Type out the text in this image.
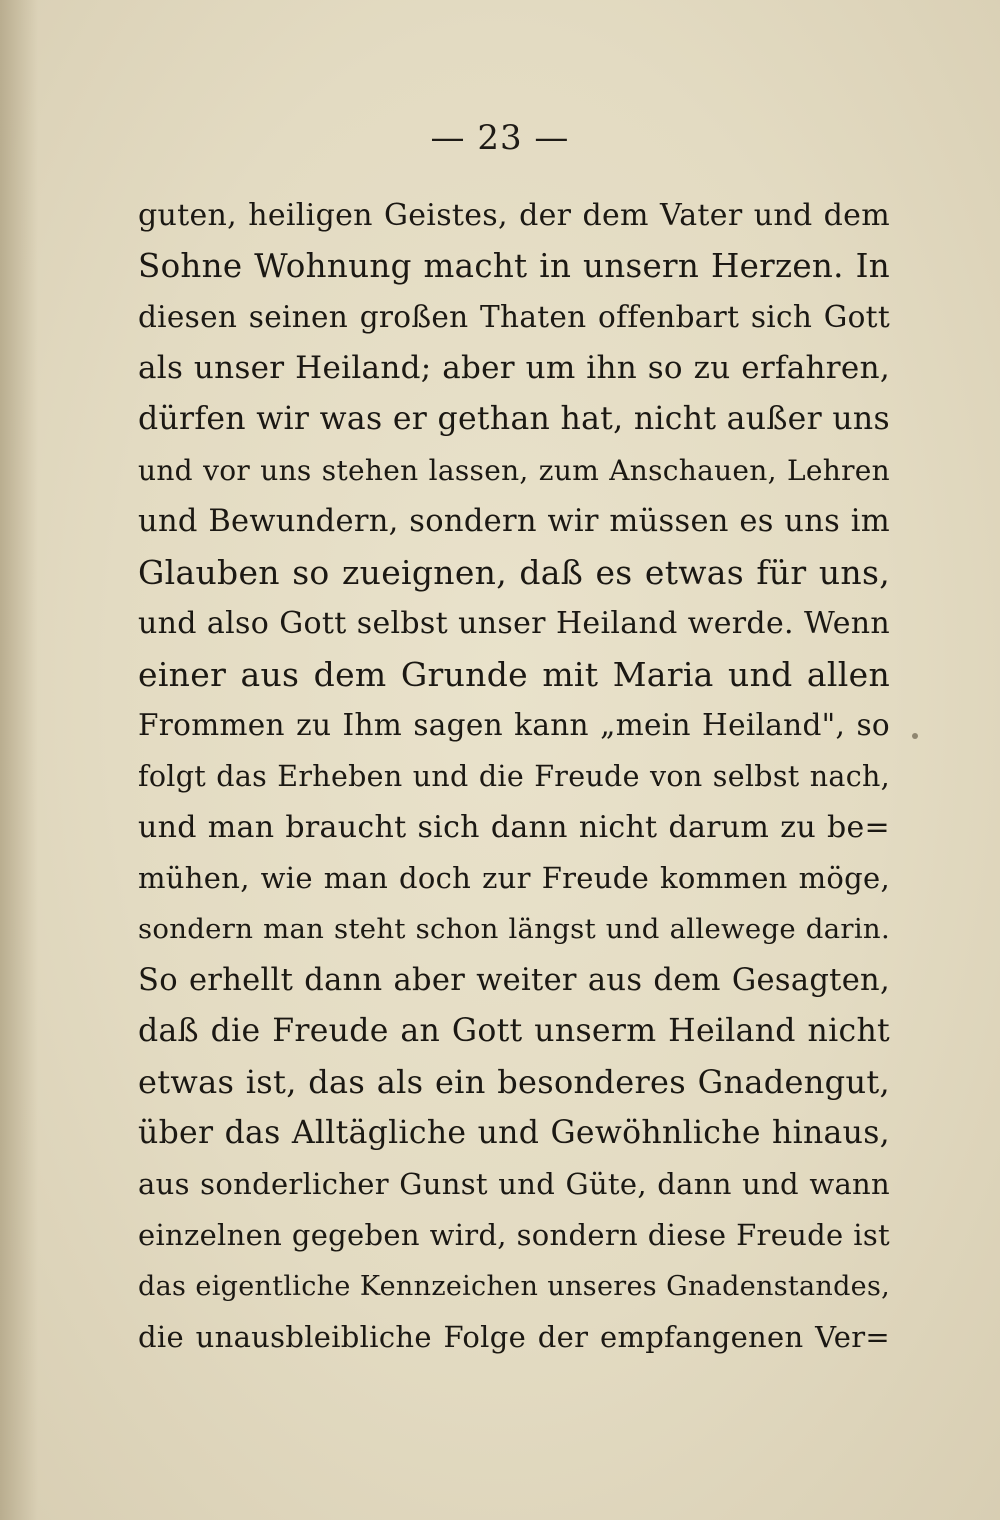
— 23 —
guten, heiligen Geistes, der dem Vater und dem
Sohne Wohnung macht in unsern Herzen. In
diesen seinen großen Thaten offenbart sich Gott
als unser Heiland; aber um ihn so zu erfahren,
dürfen wir was er gethan hat, nicht außer uns
und vor uns stehen lassen, zum Anschauen, Lehren
und Bewundern, sondern wir müssen es uns im
Glauben so zueignen, daß es etwas für uns,
und also Gott selbst unser Heiland werde. Wenn
einer aus dem Grunde mit Maria und allen
Frommen zu Ihm sagen kann „mein Heiland", so
folgt das Erheben und die Freude von selbst nach,
und man braucht sich dann nicht darum zu be=
mühen, wie man doch zur Freude kommen möge,
sondern man steht schon längst und allewege darin.
So erhellt dann aber weiter aus dem Gesagten,
daß die Freude an Gott unserm Heiland nicht
etwas ist, das als ein besonderes Gnadengut,
über das Alltägliche und Gewöhnliche hinaus,
aus sonderlicher Gunst und Güte, dann und wann
einzelnen gegeben wird, sondern diese Freude ist
das eigentliche Kennzeichen unseres Gnadenstandes,
die unausbleibliche Folge der empfangenen Ver=
